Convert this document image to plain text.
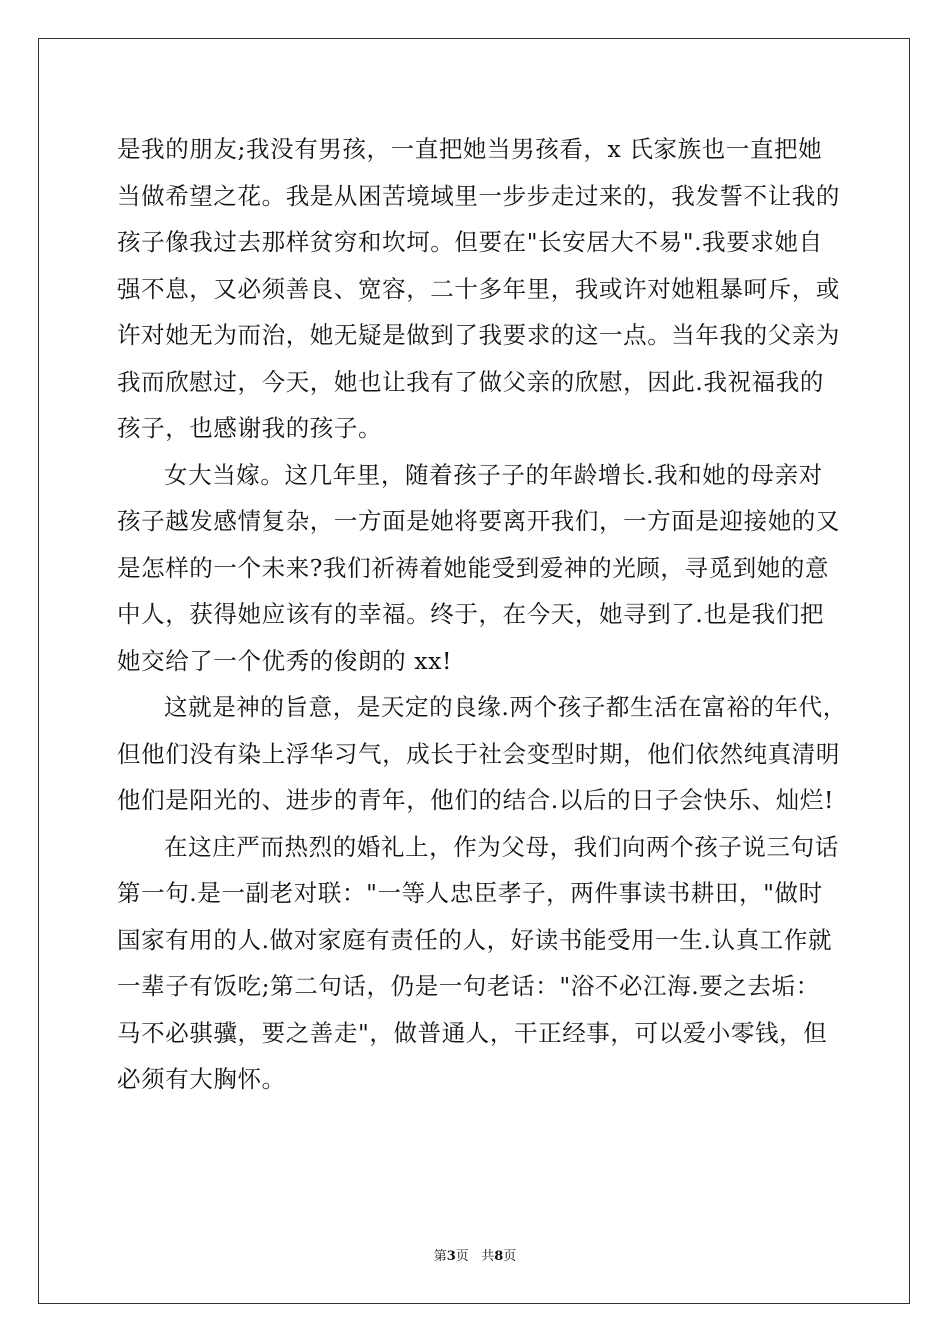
是我的朋友;我没有男孩，一直把她当男孩看，x 氏家族也一直把她
当做希望之花。我是从困苦境域里一步步走过来的，我发誓不让我的
孩子像我过去那样贫穷和坎坷。但要在"长安居大不易".我要求她自
强不息，又必须善良、宽容，二十多年里，我或许对她粗暴呵斥，或
许对她无为而治，她无疑是做到了我要求的这一点。当年我的父亲为
我而欣慰过，今天，她也让我有了做父亲的欣慰，因此.我祝福我的
孩子，也感谢我的孩子。
女大当嫁。这几年里，随着孩子子的年龄增长.我和她的母亲对
孩子越发感情复杂，一方面是她将要离开我们，一方面是迎接她的又
是怎样的一个未来?我们祈祷着她能受到爱神的光顾，寻觅到她的意
中人，获得她应该有的幸福。终于，在今天，她寻到了.也是我们把
她交给了一个优秀的俊朗的 xx!
这就是神的旨意，是天定的良缘.两个孩子都生活在富裕的年代，
但他们没有染上浮华习气，成长于社会变型时期，他们依然纯真清明
他们是阳光的、进步的青年，他们的结合.以后的日子会快乐、灿烂!
在这庄严而热烈的婚礼上，作为父母，我们向两个孩子说三句话
第一句.是一副老对联："一等人忠臣孝子，两件事读书耕田，"做时
国家有用的人.做对家庭有责任的人，好读书能受用一生.认真工作就
一辈子有饭吃;第二句话，仍是一句老话："浴不必江海.要之去垢：
马不必骐骥，要之善走"，做普通人，干正经事，可以爱小零钱，但
必须有大胸怀。
第3页 共8页
